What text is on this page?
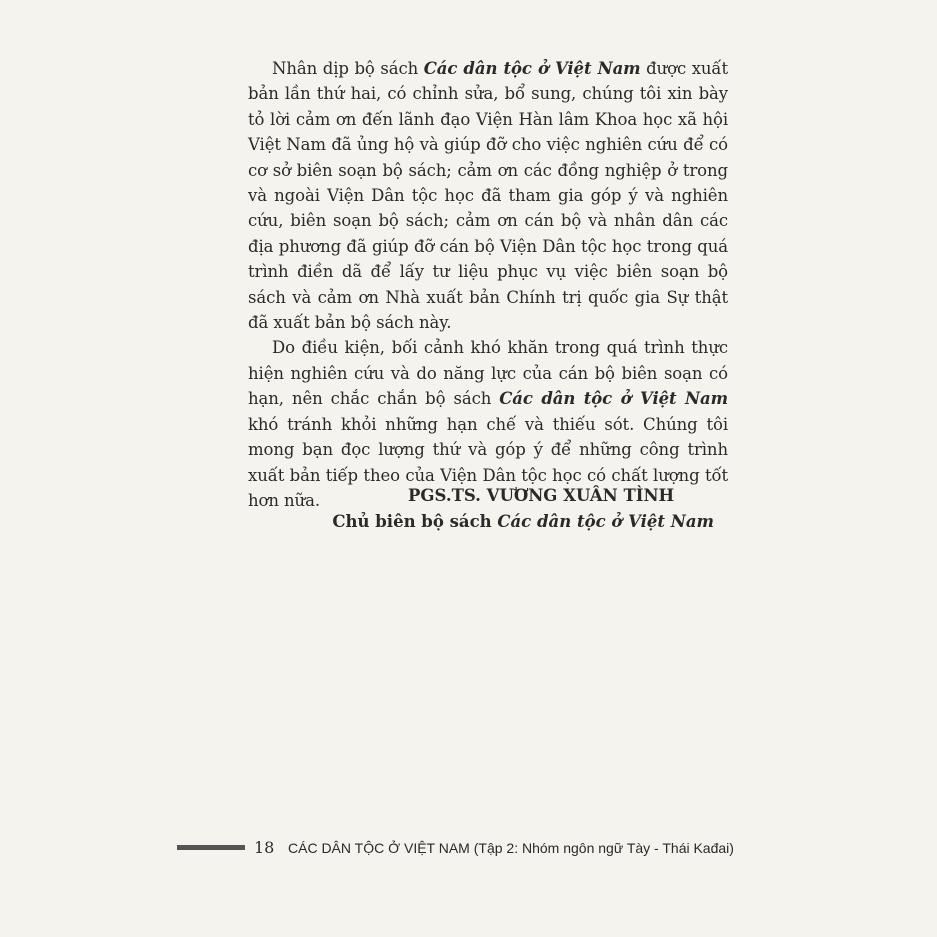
Nhân dịp bộ sách Các dân tộc ở Việt Nam được xuất bản lần thứ hai, có chỉnh sửa, bổ sung, chúng tôi xin bày tỏ lời cảm ơn đến lãnh đạo Viện Hàn lâm Khoa học xã hội Việt Nam đã ủng hộ và giúp đỡ cho việc nghiên cứu để có cơ sở biên soạn bộ sách; cảm ơn các đồng nghiệp ở trong và ngoài Viện Dân tộc học đã tham gia góp ý và nghiên cứu, biên soạn bộ sách; cảm ơn cán bộ và nhân dân các địa phương đã giúp đỡ cán bộ Viện Dân tộc học trong quá trình điền dã để lấy tư liệu phục vụ việc biên soạn bộ sách và cảm ơn Nhà xuất bản Chính trị quốc gia Sự thật đã xuất bản bộ sách này.

Do điều kiện, bối cảnh khó khăn trong quá trình thực hiện nghiên cứu và do năng lực của cán bộ biên soạn có hạn, nên chắc chắn bộ sách Các dân tộc ở Việt Nam khó tránh khỏi những hạn chế và thiếu sót. Chúng tôi mong bạn đọc lượng thứ và góp ý để những công trình xuất bản tiếp theo của Viện Dân tộc học có chất lượng tốt hơn nữa.	PGS.TS. VƯƠNG XUÂN TÌNH
Chủ biên bộ sách Các dân tộc ở Việt Nam
18 CÁC DÂN TỘC Ở VIỆT NAM (Tập 2: Nhóm ngôn ngữ Tày - Thái Kađai)
